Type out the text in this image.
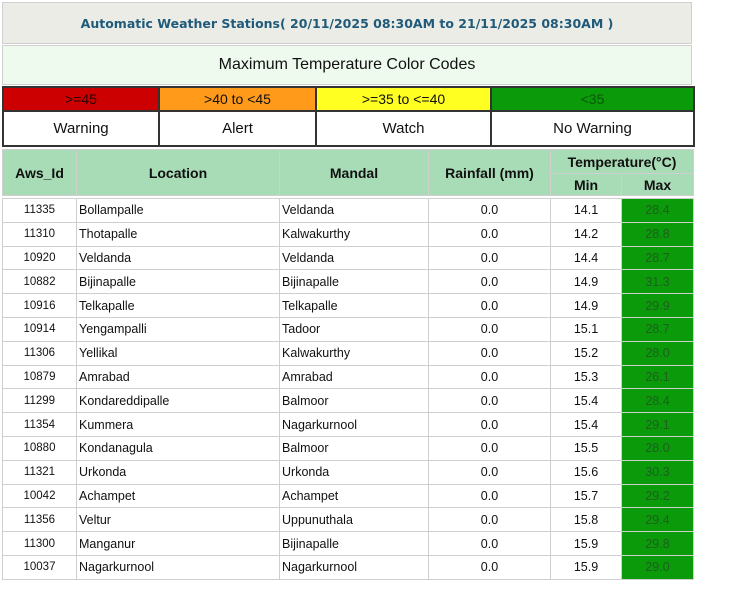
Automatic Weather Stations( 20/11/2025 08:30AM to 21/11/2025 08:30AM )
Maximum Temperature Color Codes
>=45	>40 to <45	>=35 to <=40	<35
Warning	Alert	Watch	No Warning
Aws_Id	Location	Mandal	Rainfall (mm)	Temperature(°C)	
				Min	Max

11335	Bollampalle	Veldanda	0.0	14.1	28.4
11310	Thotapalle	Kalwakurthy	0.0	14.2	28.8
10920	Veldanda	Veldanda	0.0	14.4	28.7
10882	Bijinapalle	Bijinapalle	0.0	14.9	31.3
10916	Telkapalle	Telkapalle	0.0	14.9	29.9
10914	Yengampalli	Tadoor	0.0	15.1	28.7
11306	Yellikal	Kalwakurthy	0.0	15.2	28.0
10879	Amrabad	Amrabad	0.0	15.3	26.1
11299	Kondareddipalle	Balmoor	0.0	15.4	28.4
11354	Kummera	Nagarkurnool	0.0	15.4	29.1
10880	Kondanagula	Balmoor	0.0	15.5	28.0
11321	Urkonda	Urkonda	0.0	15.6	30.3
10042	Achampet	Achampet	0.0	15.7	29.2
11356	Veltur	Uppunuthala	0.0	15.8	29.4
11300	Manganur	Bijinapalle	0.0	15.9	29.8
10037	Nagarkurnool	Nagarkurnool	0.0	15.9	29.0
